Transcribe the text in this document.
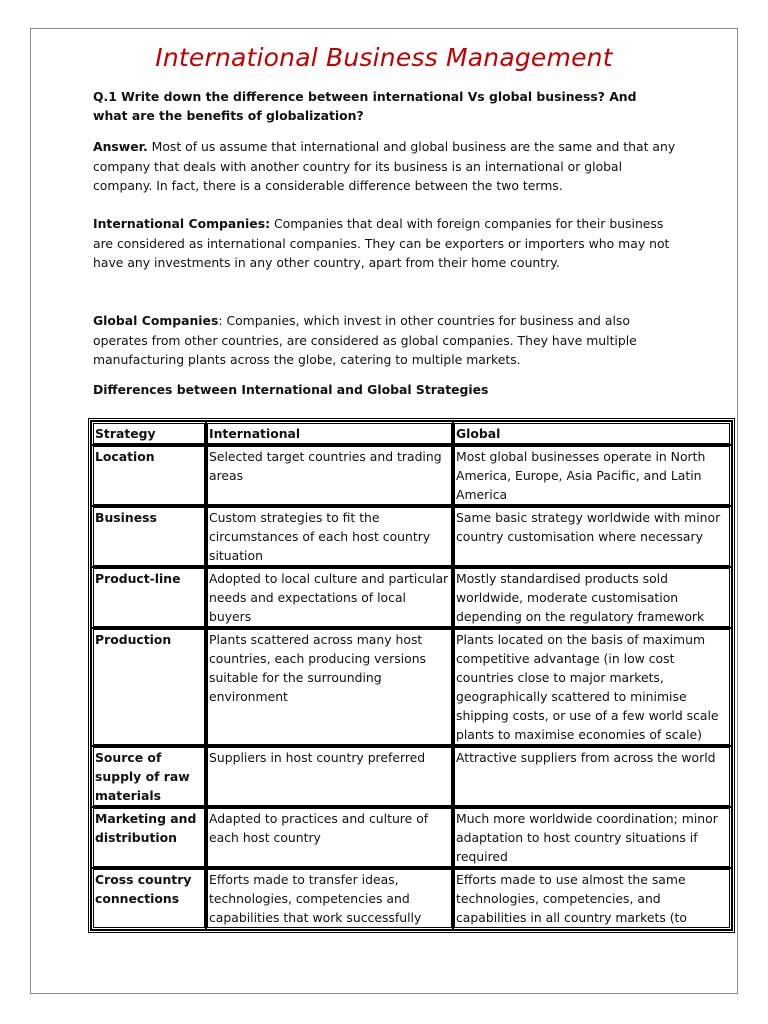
International Business Management
Q.1 Write down the difference between international Vs global business? And what are the benefits of globalization?
Answer. Most of us assume that international and global business are the same and that any company that deals with another country for its business is an international or global company. In fact, there is a considerable difference between the two terms.
International Companies: Companies that deal with foreign companies for their business are considered as international companies. They can be exporters or importers who may not have any investments in any other country, apart from their home country.
Global Companies: Companies, which invest in other countries for business and also operates from other countries, are considered as global companies. They have multiple manufacturing plants across the globe, catering to multiple markets.
Differences between International and Global Strategies
Strategy	International	Global
Location	Selected target countries and trading areas	Most global businesses operate in North America, Europe, Asia Pacific, and Latin America
Business	Custom strategies to fit the circumstances of each host country situation	Same basic strategy worldwide with minor country customisation where necessary
Product-line	Adopted to local culture and particular needs and expectations of local buyers	Mostly standardised products sold worldwide, moderate customisation depending on the regulatory framework
Production	Plants scattered across many host countries, each producing versions suitable for the surrounding environment	Plants located on the basis of maximum competitive advantage (in low cost countries close to major markets, geographically scattered to minimise shipping costs, or use of a few world scale plants to maximise economies of scale)
Source of supply of raw materials	Suppliers in host country preferred	Attractive suppliers from across the world
Marketing and distribution	Adapted to practices and culture of each host country	Much more worldwide coordination; minor adaptation to host country situations if required
Cross country connections	Efforts made to transfer ideas, technologies, competencies and capabilities that work successfully	Efforts made to use almost the same technologies, competencies, and capabilities in all country markets (to
